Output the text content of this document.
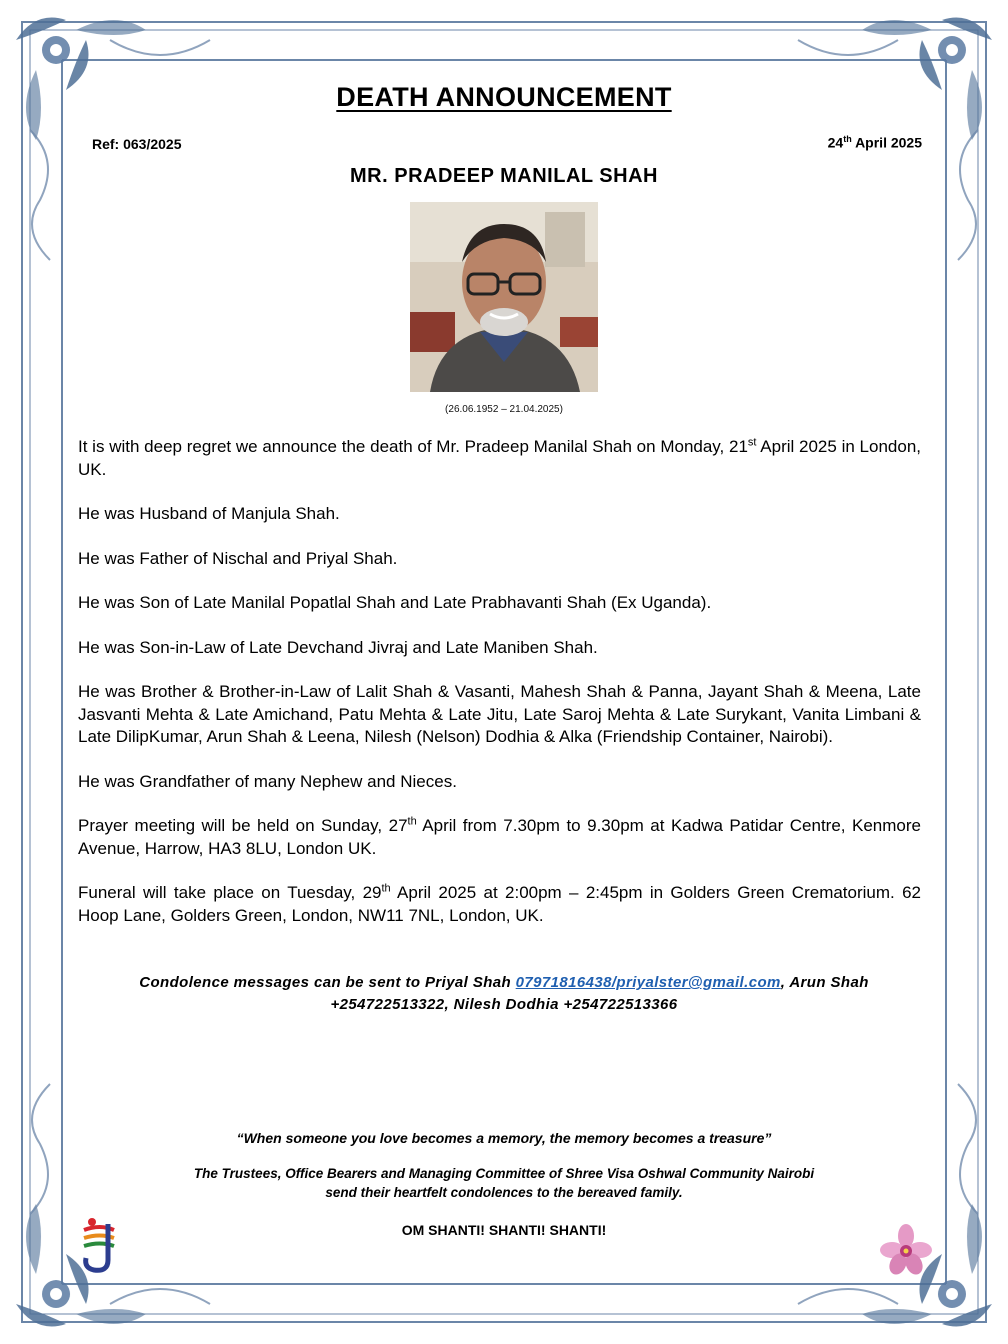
DEATH ANNOUNCEMENT
Ref: 063/2025	24th April 2025
MR. PRADEEP MANILAL SHAH
(26.06.1952 – 21.04.2025)

It is with deep regret we announce the death of Mr. Pradeep Manilal Shah on Monday, 21st April 2025 in London, UK.

He was Husband of Manjula Shah.

He was Father of Nischal and Priyal Shah.

He was Son of Late Manilal Popatlal Shah and Late Prabhavanti Shah (Ex Uganda).

He was Son-in-Law of Late Devchand Jivraj and Late Maniben Shah.

He was Brother & Brother-in-Law of Lalit Shah & Vasanti, Mahesh Shah & Panna, Jayant Shah & Meena, Late Jasvanti Mehta & Late Amichand, Patu Mehta & Late Jitu, Late Saroj Mehta & Late Surykant, Vanita Limbani & Late DilipKumar, Arun Shah & Leena, Nilesh (Nelson) Dodhia & Alka (Friendship Container, Nairobi).

He was Grandfather of many Nephew and Nieces.

Prayer meeting will be held on Sunday, 27th April from 7.30pm to 9.30pm at Kadwa Patidar Centre, Kenmore Avenue, Harrow, HA3 8LU, London UK.

Funeral will take place on Tuesday, 29th April 2025 at 2:00pm – 2:45pm in Golders Green Crematorium. 62 Hoop Lane, Golders Green, London, NW11 7NL, London, UK.

Condolence messages can be sent to Priyal Shah 07971816438/priyalster@gmail.com, Arun Shah +254722513322, Nilesh Dodhia +254722513366
“When someone you love becomes a memory, the memory becomes a treasure”
The Trustees, Office Bearers and Managing Committee of Shree Visa Oshwal Community Nairobi
send their heartfelt condolences to the bereaved family.
OM SHANTI! SHANTI! SHANTI!
